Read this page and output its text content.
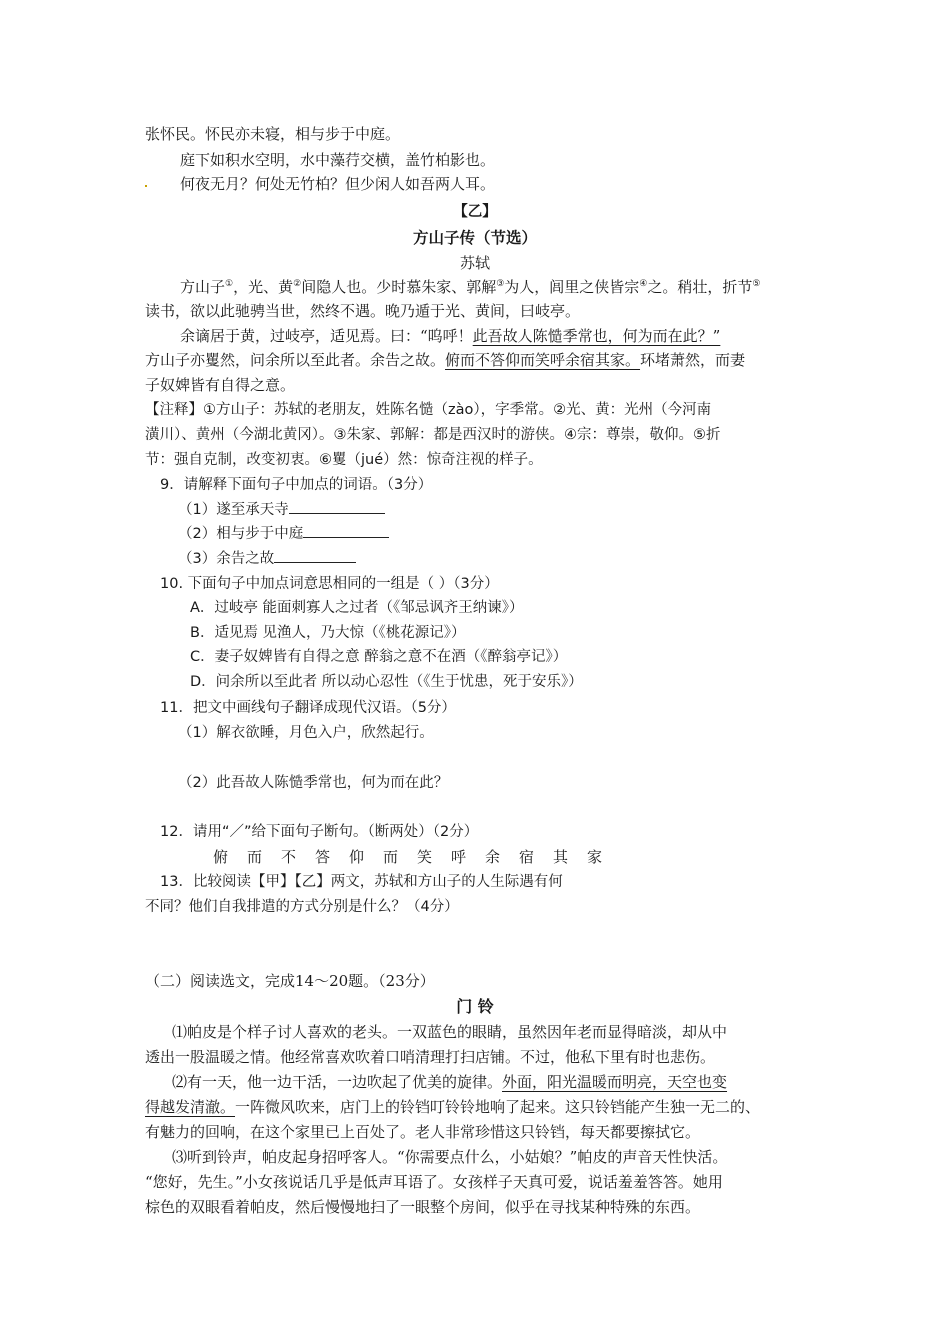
张怀民。怀民亦未寝，相与步于中庭。
庭下如积水空明，水中藻荇交横，盖竹柏影也。
何夜无月？何处无竹柏？但少闲人如吾两人耳。
【乙】
方山子传（节选）
苏轼
方山子①，光、黄②间隐人也。少时慕朱家、郭解③为人，闾里之侠皆宗④之。稍壮，折节⑤
读书，欲以此驰骋当世，然终不遇。晚乃遁于光、黄间，曰岐亭。
余谪居于黄，过岐亭，适见焉。曰：“呜呼！此吾故人陈慥季常也，何为而在此？”
方山子亦矍然，问余所以至此者。余告之故。俯而不答仰而笑呼余宿其家。环堵萧然，而妻
子奴婢皆有自得之意。
【注释】①方山子：苏轼的老朋友，姓陈名慥（zào），字季常。②光、黄：光州（今河南
潢川）、黄州（今湖北黄冈）。③朱家、郭解：都是西汉时的游侠。④宗：尊崇，敬仰。⑤折
节：强自克制，改变初衷。⑥矍（jué）然：惊奇注视的样子。
9．请解释下面句子中加点的词语。（3分）
（1）遂至承天寺
（2）相与步于中庭
（3）余告之故
10. 下面句子中加点词意思相同的一组是（ ）（3分）
A．过岐亭 能面刺寡人之过者（《邹忌讽齐王纳谏》）
B．适见焉 见渔人，乃大惊（《桃花源记》）
C．妻子奴婢皆有自得之意 醉翁之意不在酒（《醉翁亭记》）
D．问余所以至此者 所以动心忍性（《生于忧患，死于安乐》）
11．把文中画线句子翻译成现代汉语。（5分）
（1）解衣欲睡，月色入户，欣然起行。
（2）此吾故人陈慥季常也，何为而在此？
12．请用“／”给下面句子断句。（断两处）（2分）
俯而不答仰而笑呼余宿其家
13．比较阅读【甲】【乙】两文，苏轼和方山子的人生际遇有何
不同？他们自我排遣的方式分别是什么？（4分）
（二）阅读选文，完成14～20题。（23分）
门 铃
⑴帕皮是个样子讨人喜欢的老头。一双蓝色的眼睛，虽然因年老而显得暗淡，却从中
透出一股温暖之情。他经常喜欢吹着口哨清理打扫店铺。不过，他私下里有时也悲伤。
⑵有一天，他一边干活，一边吹起了优美的旋律。外面，阳光温暖而明亮，天空也变
得越发清澈。一阵微风吹来，店门上的铃铛叮铃铃地响了起来。这只铃铛能产生独一无二的、
有魅力的回响，在这个家里已上百处了。老人非常珍惜这只铃铛，每天都要擦拭它。
⑶听到铃声，帕皮起身招呼客人。“你需要点什么，小姑娘？”帕皮的声音天性快活。
“您好，先生。”小女孩说话几乎是低声耳语了。女孩样子天真可爱，说话羞羞答答。她用
棕色的双眼看着帕皮，然后慢慢地扫了一眼整个房间，似乎在寻找某种特殊的东西。
